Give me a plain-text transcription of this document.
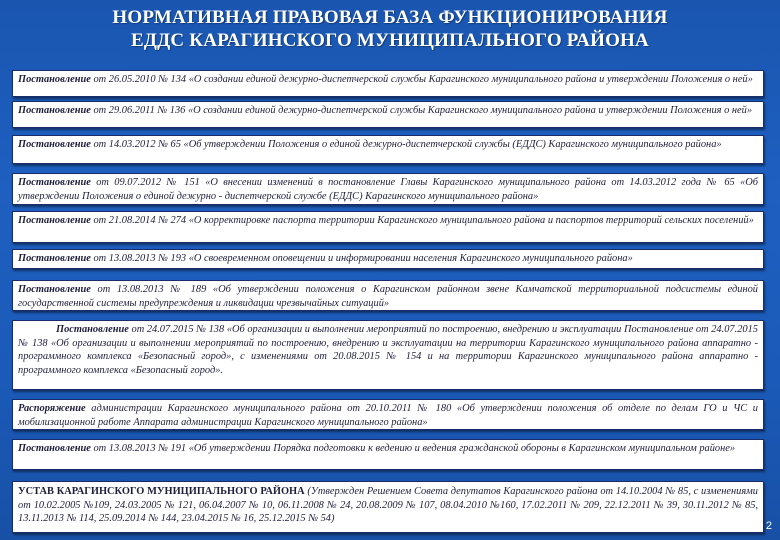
НОРМАТИВНАЯ ПРАВОВАЯ БАЗА ФУНКЦИОНИРОВАНИЯ
ЕДДС КАРАГИНСКОГО МУНИЦИПАЛЬНОГО РАЙОНА

Постановление от 26.05.2010 № 134 «О создании единой дежурно-диспетчерской службы Карагинского муниципального района и утверждении Положения о ней»

Постановление от 29.06.2011 № 136 «О создании единой дежурно-диспетчерской службы Карагинского муниципального района и утверждении Положения о ней»

Постановление от 14.03.2012 № 65 «Об утверждении Положения о единой дежурно-диспетчерской службы (ЕДДС) Карагинского муниципального района»

Постановление от 09.07.2012 № 151 «О внесении изменений в постановление Главы Карагинского муниципального района от 14.03.2012 года № 65 «Об утверждении Положения о единой дежурно - диспетчерской службе (ЕДДС) Карагинского муниципального района»

Постановление от 21.08.2014 № 274 «О корректировке паспорта территории Карагинского муниципального района и паспортов территорий сельских поселений»

Постановление от 13.08.2013 № 193 «О своевременном оповещении и информировании населения Карагинского муниципального района»

Постановление от 13.08.2013 № 189 «Об утверждении положения о Карагинском районном звене Камчатской территориальной подсистемы единой государственной системы предупреждения и ликвидации чрезвычайных ситуаций»

Постановление от 24.07.2015 № 138 «Об организации и выполнении мероприятий по построению, внедрению и эксплуатации Постановление от 24.07.2015 № 138 «Об организации и выполнении мероприятий по построению, внедрению и эксплуатации на территории Карагинского муниципального района аппаратно - программного комплекса «Безопасный город», с изменениями от 20.08.2015 № 154 и на территории Карагинского муниципального района аппаратно - программного комплекса «Безопасный город».

Распоряжение администрации Карагинского муниципального района от 20.10.2011 № 180 «Об утверждении положения об отделе по делам ГО и ЧС и мобилизационной работе Аппарата администрации Карагинского муниципального района»

Постановление от 13.08.2013 № 191 «Об утверждении Порядка подготовки к ведению и ведения гражданской обороны в Карагинском муниципальном районе»

УСТАВ КАРАГИНСКОГО МУНИЦИПАЛЬНОГО РАЙОНА (Утвержден Решением Совета депутатов Карагинского района от 14.10.2004 № 85, с изменениями от 10.02.2005 №109, 24.03.2005 № 121, 06.04.2007 № 10, 06.11.2008 № 24, 20.08.2009 № 107, 08.04.2010 №160, 17.02.2011 № 209, 22.12.2011 № 39, 30.11.2012 № 85, 13.11.2013 № 114, 25.09.2014 № 144, 23.04.2015 № 16, 25.12.2015 № 54)

2
